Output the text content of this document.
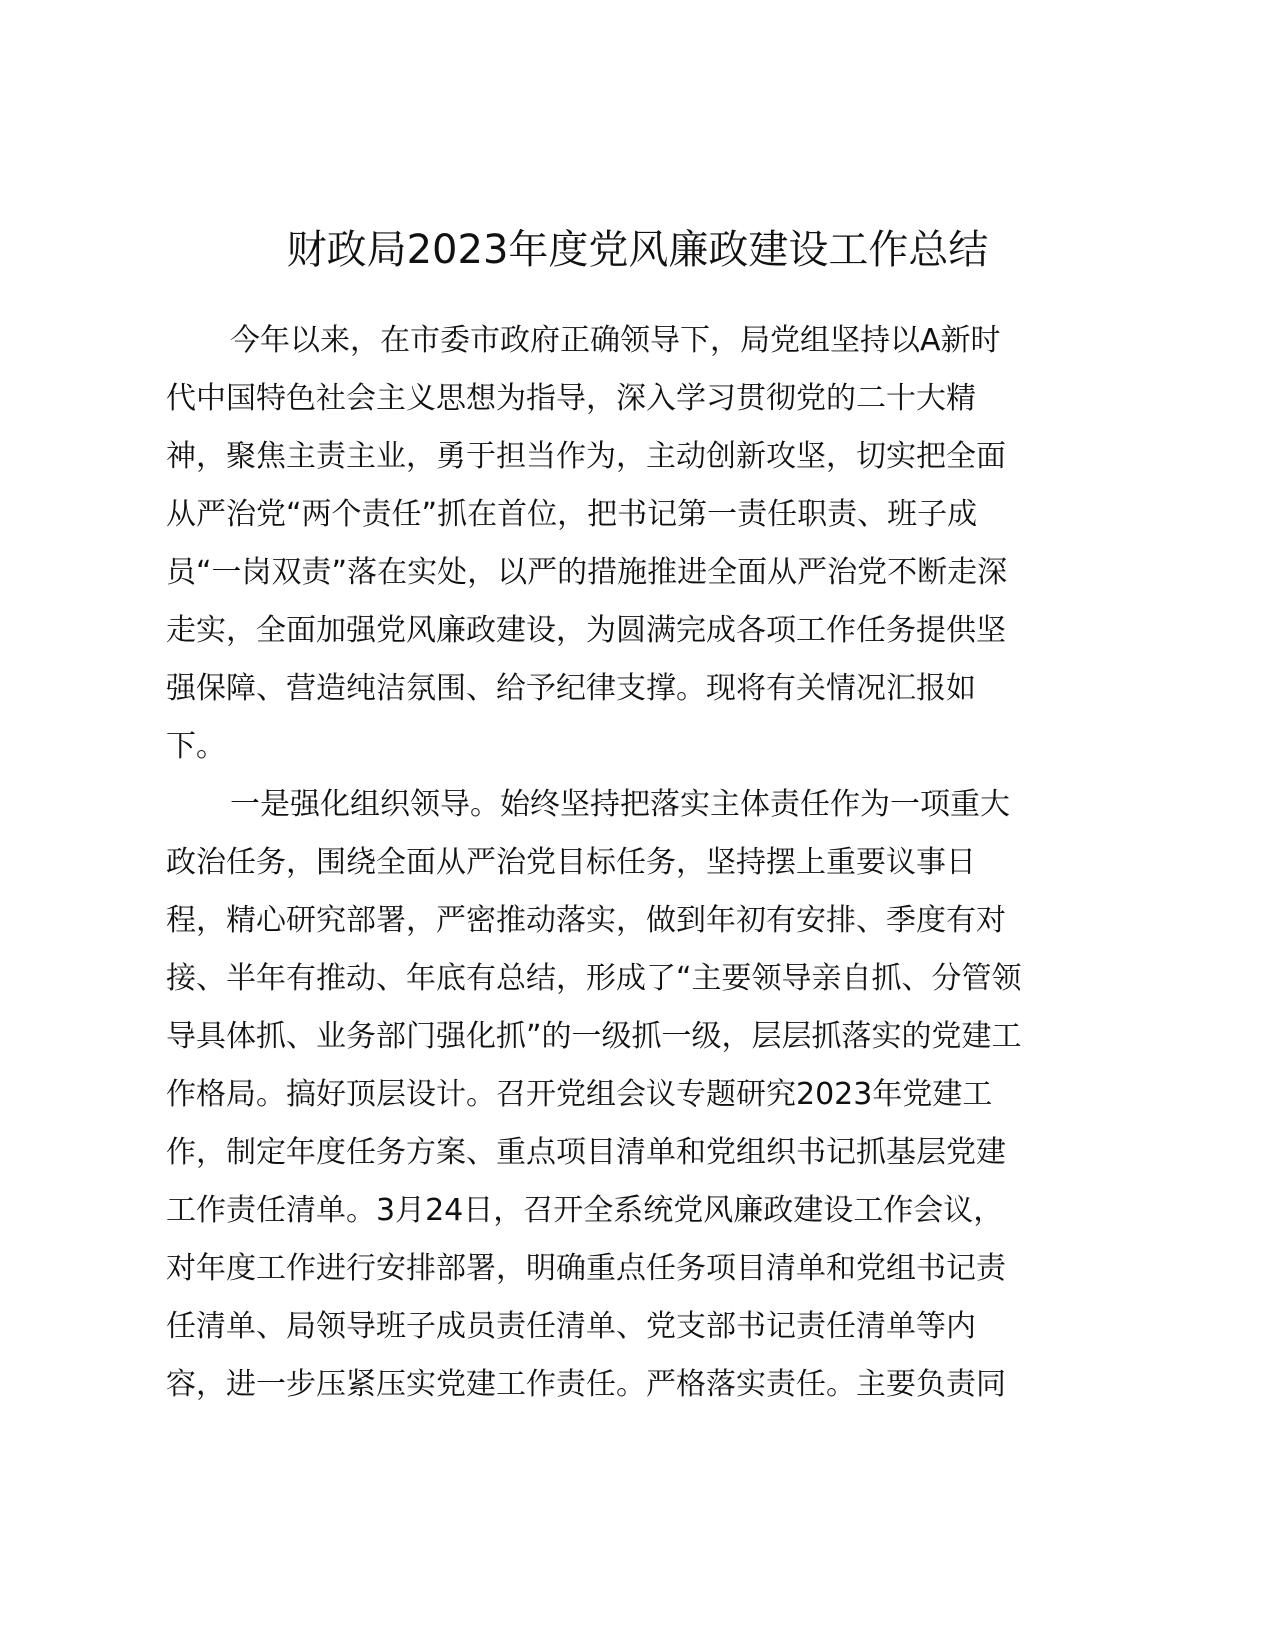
财政局2023年度党风廉政建设工作总结
今年以来，在市委市政府正确领导下，局党组坚持以A新时
代中国特色社会主义思想为指导，深入学习贯彻党的二十大精
神，聚焦主责主业，勇于担当作为，主动创新攻坚，切实把全面
从严治党“两个责任”抓在首位，把书记第一责任职责、班子成
员“一岗双责”落在实处，以严的措施推进全面从严治党不断走深
走实，全面加强党风廉政建设，为圆满完成各项工作任务提供坚
强保障、营造纯洁氛围、给予纪律支撑。现将有关情况汇报如
下。
一是强化组织领导。始终坚持把落实主体责任作为一项重大
政治任务，围绕全面从严治党目标任务，坚持摆上重要议事日
程，精心研究部署，严密推动落实，做到年初有安排、季度有对
接、半年有推动、年底有总结，形成了“主要领导亲自抓、分管领
导具体抓、业务部门强化抓”的一级抓一级，层层抓落实的党建工
作格局。搞好顶层设计。召开党组会议专题研究2023年党建工
作，制定年度任务方案、重点项目清单和党组织书记抓基层党建
工作责任清单。3月24日，召开全系统党风廉政建设工作会议，
对年度工作进行安排部署，明确重点任务项目清单和党组书记责
任清单、局领导班子成员责任清单、党支部书记责任清单等内
容，进一步压紧压实党建工作责任。严格落实责任。主要负责同
